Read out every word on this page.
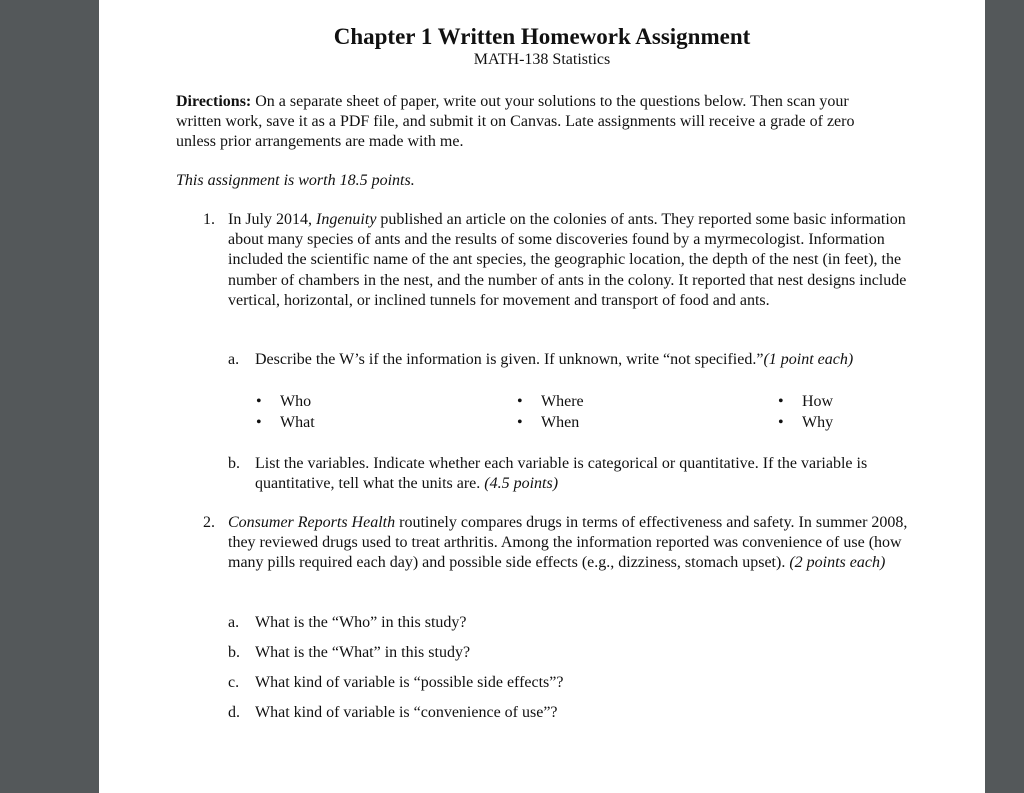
Chapter 1 Written Homework Assignment
MATH-138 Statistics
Directions: On a separate sheet of paper, write out your solutions to the questions below. Then scan your written work, save it as a PDF file, and submit it on Canvas. Late assignments will receive a grade of zero unless prior arrangements are made with me.
This assignment is worth 18.5 points.
1. In July 2014, Ingenuity published an article on the colonies of ants. They reported some basic information about many species of ants and the results of some discoveries found by a myrmecologist. Information included the scientific name of the ant species, the geographic location, the depth of the nest (in feet), the number of chambers in the nest, and the number of ants in the colony. It reported that nest designs include vertical, horizontal, or inclined tunnels for movement and transport of food and ants.
a. Describe the W’s if the information is given. If unknown, write “not specified.”(1 point each)
• Who
• What
• Where
• When
• How
• Why
b. List the variables. Indicate whether each variable is categorical or quantitative. If the variable is quantitative, tell what the units are. (4.5 points)
2. Consumer Reports Health routinely compares drugs in terms of effectiveness and safety. In summer 2008, they reviewed drugs used to treat arthritis. Among the information reported was convenience of use (how many pills required each day) and possible side effects (e.g., dizziness, stomach upset). (2 points each)
a. What is the “Who” in this study?
b. What is the “What” in this study?
c. What kind of variable is “possible side effects”?
d. What kind of variable is “convenience of use”?
